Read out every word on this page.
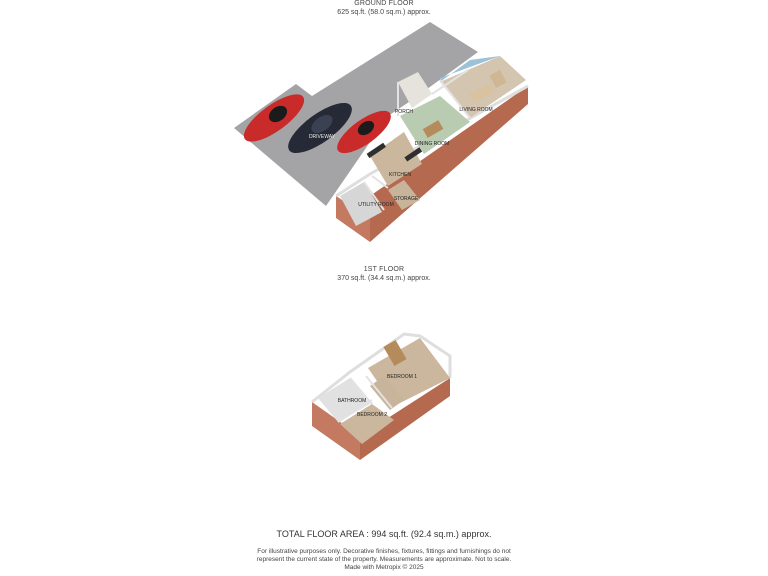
GROUND FLOOR
625 sq.ft. (58.0 sq.m.) approx.
1ST FLOOR
370 sq.ft. (34.4 sq.m.) approx.
TOTAL FLOOR AREA : 994 sq.ft. (92.4 sq.m.) approx.
For illustrative purposes only. Decorative finishes, fixtures, fittings and furnishings do not
represent the current state of the property. Measurements are approximate. Not to scale.
Made with Metropix © 2025
PORCH	LIVING ROOM
DINING ROOM
KITCHEN
UTILITY ROOM
STORAGE
DRIVEWAY
BEDROOM 1
BATHROOM
BEDROOM 2
